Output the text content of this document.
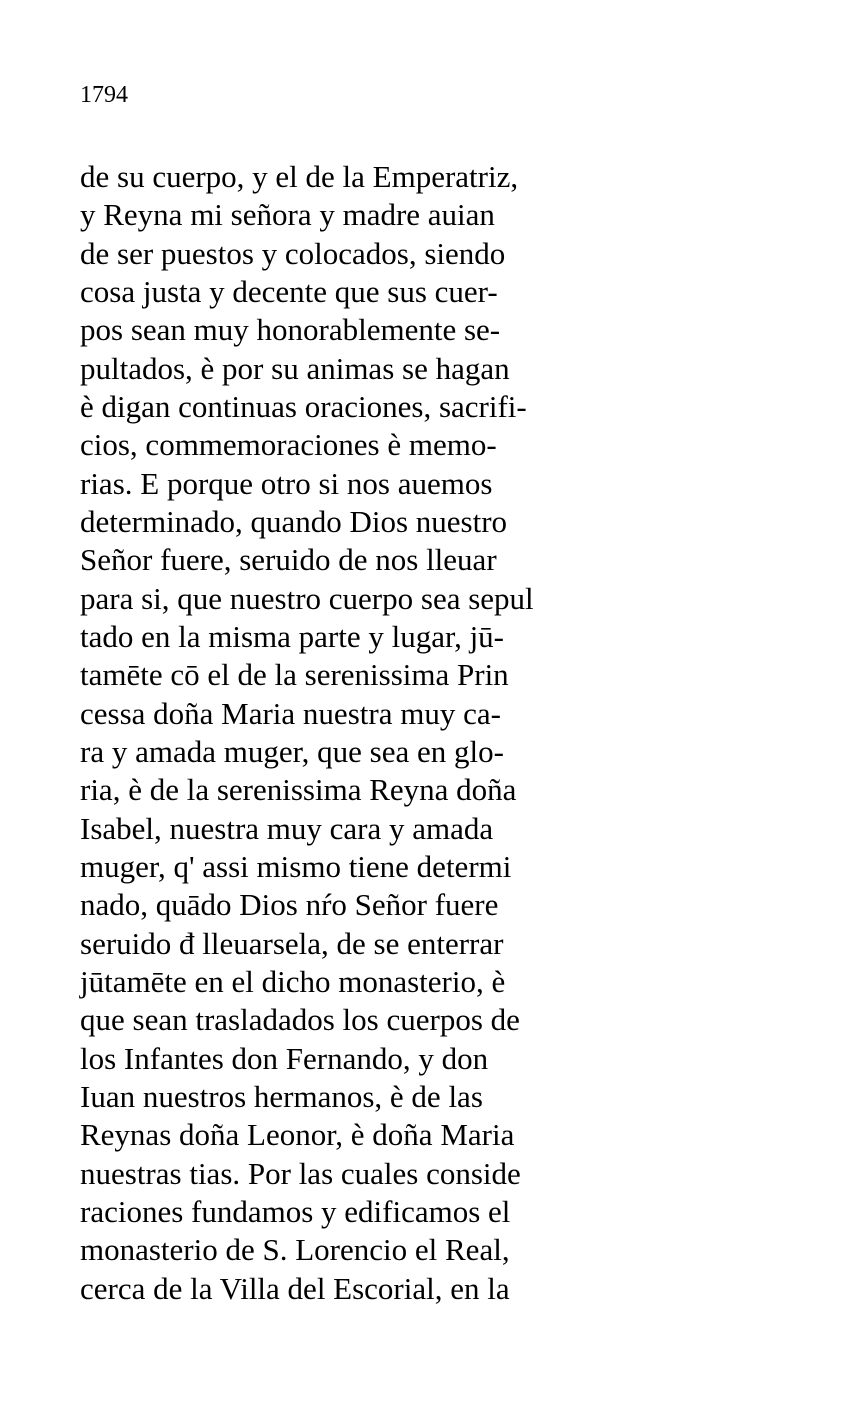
1794
de su cuerpo, y el de la Emperatriz,
y Reyna mi señora y madre auian
de ser puestos y colocados, siendo
cosa justa y decente que sus cuer-
pos sean muy honorablemente se-
pultados, è por su animas se hagan
è digan continuas oraciones, sacrifi-
cios, commemoraciones è memo-
rias. E porque otro si nos auemos
determinado, quando Dios nuestro
Señor fuere, seruido de nos lleuar
para si, que nuestro cuerpo sea sepul
tado en la misma parte y lugar, jū-
tamēte cō el de la serenissima Prin
cessa doña Maria nuestra muy ca-
ra y amada muger, que sea en glo-
ria, è de la serenissima Reyna doña
Isabel, nuestra muy cara y amada
muger, q' assi mismo tiene determi
nado, quādo Dios nŕo Señor fuere
seruido đ lleuarsela, de se enterrar
jūtamēte en el dicho monasterio, è
que sean trasladados los cuerpos de
los Infantes don Fernando, y don
Iuan nuestros hermanos, è de las
Reynas doña Leonor, è doña Maria
nuestras tias. Por las cuales conside
raciones fundamos y edificamos el
monasterio de S. Lorencio el Real,
cerca de la Villa del Escorial, en la
